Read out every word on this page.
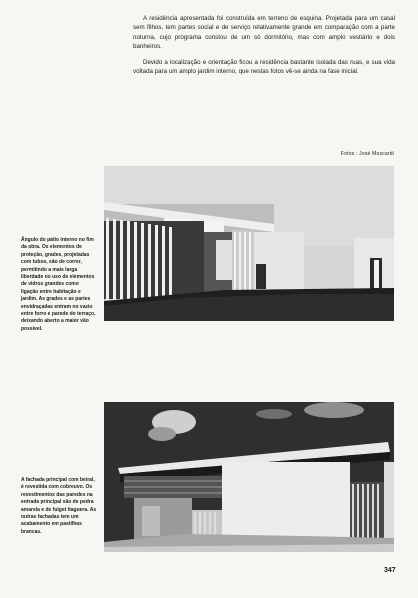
A residência apresentada foi construída em terreno de esquina. Projetada para um casal sem filhos, tem partes social e de serviço relativamente grande em comparação com a parte noturna, cujo programa constou de um só dormitório, mas com amplo vestiário e dois banheiros.

Devido a localização e orientação ficou a residência bastante isolada das ruas, e sua vida voltada para um amplo jardim interno, que nestas fotos vê-se ainda na fase inicial.

Fotos : José Moscardi

Ângulo do pátio interno no fim da obra. Os elementos de proteção, grades, projetadas com tubos, são de correr, permitindo a mais larga liberdade no uso de elementos de vidros grandes como ligação entre habitação e jardim. As grades e as partes envidraçadas entram no vazio entre forro e parede do terraço, deixando aberto a maior vão possível.

A fachada principal com beiral, é revestida com cobreuvo. Os revestimentos das paredes na entrada principal são de pedra amarela e de fulget ltaguera. As outras fachadas tem um acabamento em pastilhas brancas.

347
